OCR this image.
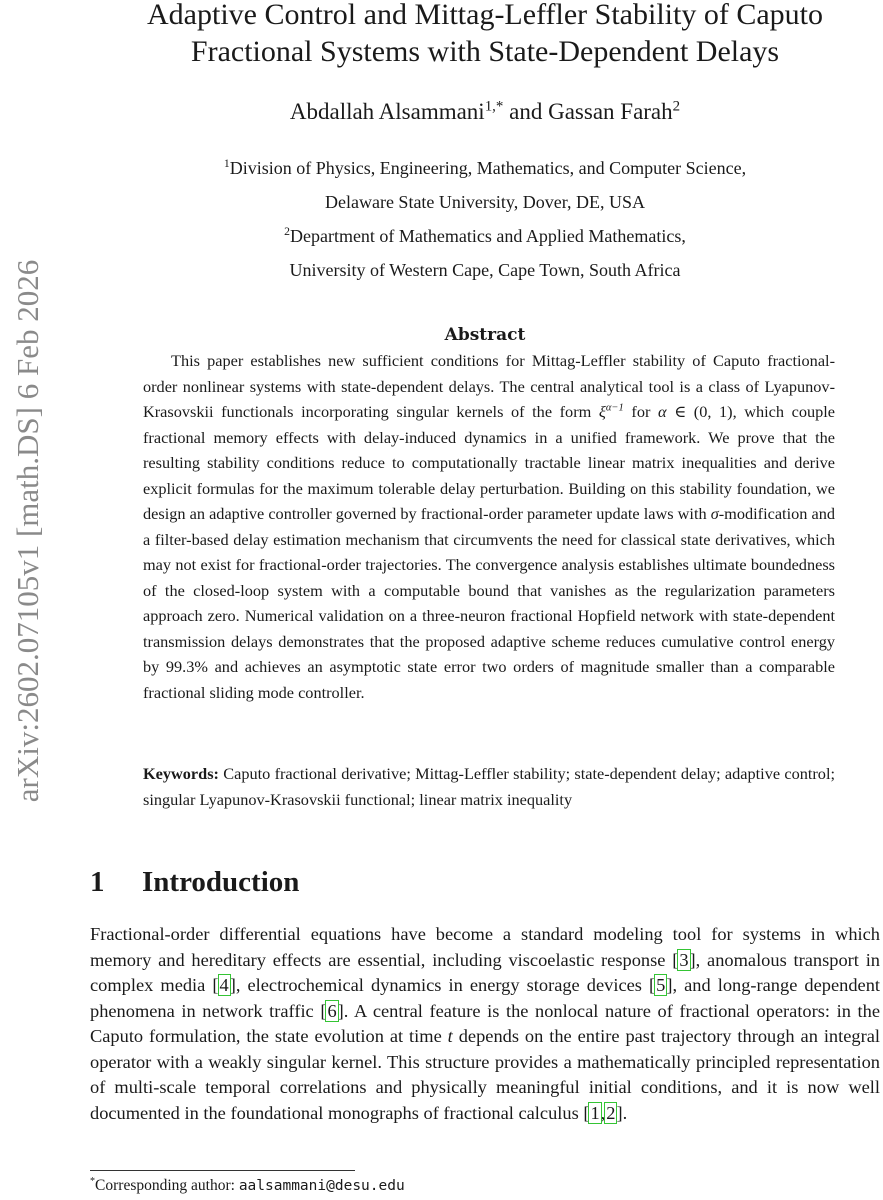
arXiv:2602.07105v1 [math.DS] 6 Feb 2026
Adaptive Control and Mittag-Leffler Stability of Caputo
Fractional Systems with State-Dependent Delays
Abdallah Alsammani$^{1,*}$ and Gassan Farah$^2$
$^1$Division of Physics, Engineering, Mathematics, and Computer Science,
Delaware State University, Dover, DE, USA
$^2$Department of Mathematics and Applied Mathematics,
University of Western Cape, Cape Town, South Africa
Abstract

This paper establishes new sufficient conditions for Mittag-Leffler stability of Caputo fractional-order nonlinear systems with state-dependent delays. The central analytical tool is a class of Lyapunov-Krasovskii functionals incorporating singular kernels of the form $\xi^{\alpha-1}$ for α ∈ (0, 1), which couple fractional memory effects with delay-induced dynamics in a unified framework. We prove that the resulting stability conditions reduce to computationally tractable linear matrix inequalities and derive explicit formulas for the maximum tolerable delay perturbation. Building on this stability foundation, we design an adaptive controller governed by fractional-order parameter update laws with σ-modification and a filter-based delay estimation mechanism that circumvents the need for classical state derivatives, which may not exist for fractional-order trajectories. The convergence analysis establishes ultimate boundedness of the closed-loop system with a computable bound that vanishes as the regularization parameters approach zero. Numerical validation on a three-neuron fractional Hopfield network with state-dependent transmission delays demonstrates that the proposed adaptive scheme reduces cumulative control energy by 99.3% and achieves an asymptotic state error two orders of magnitude smaller than a comparable fractional sliding mode controller.

Keywords: Caputo fractional derivative; Mittag-Leffler stability; state-dependent delay; adaptive control; singular Lyapunov-Krasovskii functional; linear matrix inequality

1 Introduction

Fractional-order differential equations have become a standard modeling tool for systems in which memory and hereditary effects are essential, including viscoelastic response [3], anomalous transport in complex media [4], electrochemical dynamics in energy storage devices [5], and long-range dependent phenomena in network traffic [6]. A central feature is the nonlocal nature of fractional operators: in the Caputo formulation, the state evolution at time t depends on the entire past trajectory through an integral operator with a weakly singular kernel. This structure provides a mathematically principled representation of multi-scale temporal correlations and physically meaningful initial conditions, and it is now well documented in the foundational monographs of fractional calculus [1,2].

*Corresponding author: aalsammani@desu.edu
